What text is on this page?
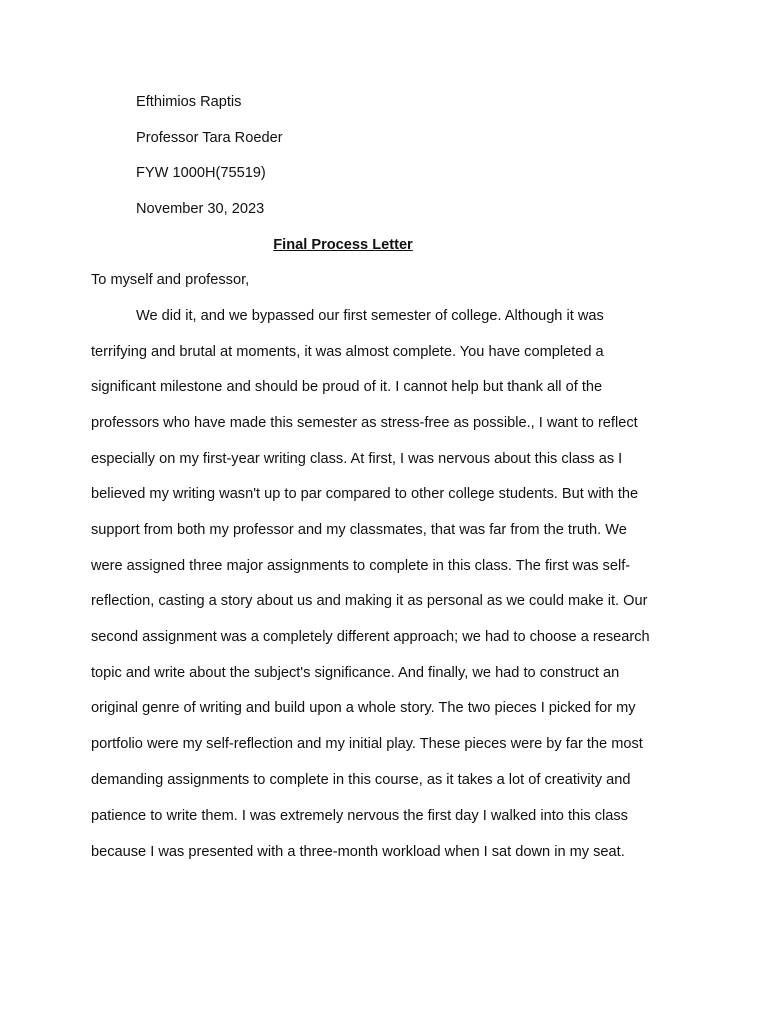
Efthimios Raptis
Professor Tara Roeder
FYW 1000H(75519)
November 30, 2023
Final Process Letter
To myself and professor,
We did it, and we bypassed our first semester of college. Although it was
terrifying and brutal at moments, it was almost complete. You have completed a
significant milestone and should be proud of it. I cannot help but thank all of the
professors who have made this semester as stress-free as possible., I want to reflect
especially on my first-year writing class. At first, I was nervous about this class as I
believed my writing wasn't up to par compared to other college students. But with the
support from both my professor and my classmates, that was far from the truth. We
were assigned three major assignments to complete in this class. The first was self-
reflection, casting a story about us and making it as personal as we could make it. Our
second assignment was a completely different approach; we had to choose a research
topic and write about the subject's significance. And finally, we had to construct an
original genre of writing and build upon a whole story. The two pieces I picked for my
portfolio were my self-reflection and my initial play. These pieces were by far the most
demanding assignments to complete in this course, as it takes a lot of creativity and
patience to write them. I was extremely nervous the first day I walked into this class
because I was presented with a three-month workload when I sat down in my seat.
